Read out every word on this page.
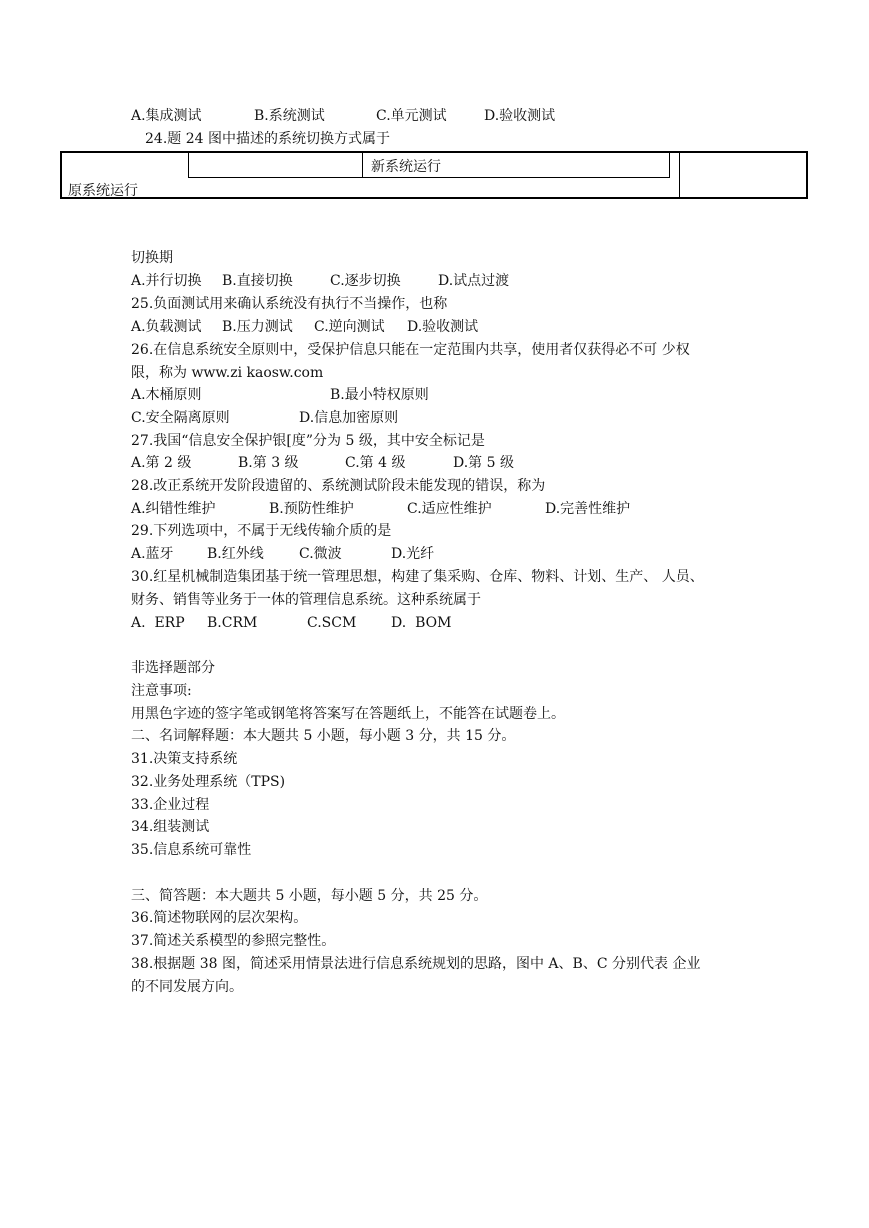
A.集成测试	B.系统测试	C.单元测试	D.验收测试
24.题 24 图中描述的系统切换方式属于
新系统运行
原系统运行
切换期
A.并行切换 B.直接切换	C.逐步切换	D.试点过渡
25.负面测试用来确认系统没有执行不当操作，也称
A.负载测试 B.压力测试 C.逆向测试 D.验收测试
26.在信息系统安全原则中，受保护信息只能在一定范围内共享，使用者仅获得必不可 少权
限，称为 www.zi kaosw.com
A.木桶原则	B.最小特权原则
C.安全隔离原则	D.信息加密原则
27.我国“信息安全保护银[度”分为 5 级，其中安全标记是
A.第 2 级	B.第 3 级	C.第 4 级	D.第 5 级
28.改正系统开发阶段遗留的、系统测试阶段未能发现的错误，称为
A.纠错性维护	B.预防性维护	C.适应性维护	D.完善性维护
29.下列选项中，不属于无线传输介质的是
A.蓝牙 B.红外线	C.微波	D.光纤
30.红星机械制造集团基于统一管理思想，构建了集采购、仓库、物料、计划、生产、 人员、
财务、销售等业务于一体的管理信息系统。这种系统属于
A.  ERP B.CRM	C.SCM D.  BOM
非选择题部分
注意事项:
用黑色字迹的签字笔或钢笔将答案写在答题纸上，不能答在试题卷上。
二、名词解释题：本大题共 5 小题，每小题 3 分，共 15 分。
31.决策支持系统
32.业务处理系统（TPS)
33.企业过程
34.组装测试
35.信息系统可靠性
三、简答题：本大题共 5 小题，每小题 5 分，共 25 分。
36.简述物联网的层次架构。
37.简述关系模型的参照完整性。
38.根据题 38 图，简述采用情景法进行信息系统规划的思路，图中 A、B、C 分别代表 企业
的不同发展方向。
